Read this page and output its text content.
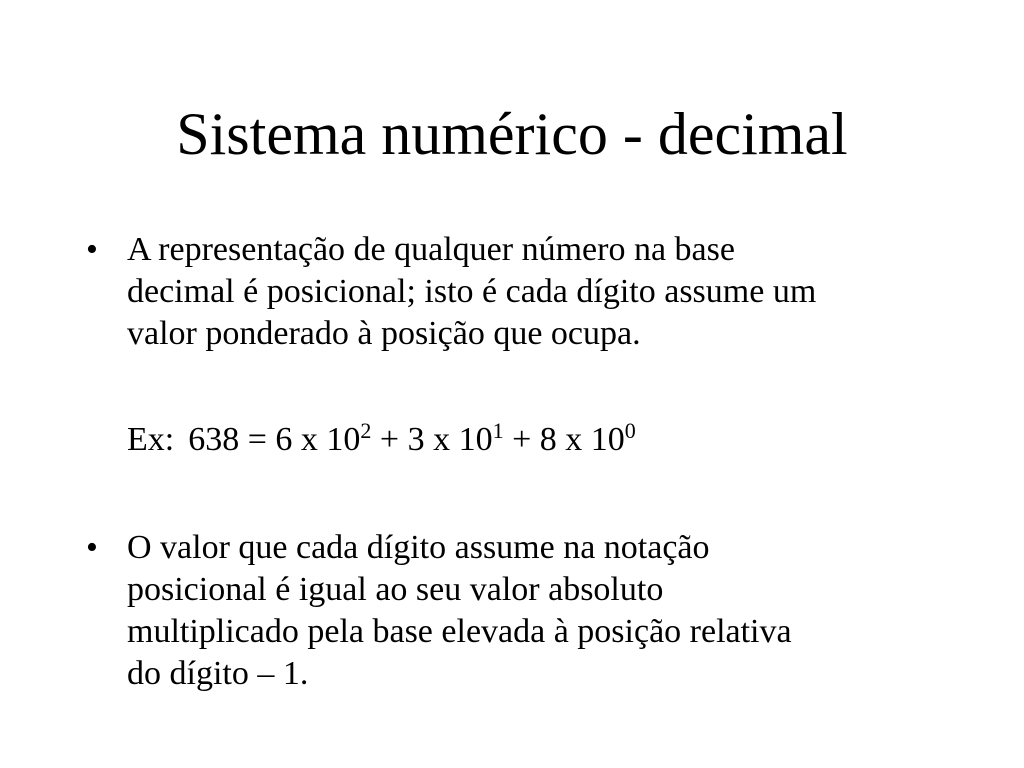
Sistema numérico - decimal
• A representação de qualquer número na base
decimal é posicional; isto é cada dígito assume um
valor ponderado à posição que ocupa.
Ex: 638 = 6 x $10^2 + 3$ x $10^1 + 8$ x $10^0$
• O valor que cada dígito assume na notação
posicional é igual ao seu valor absoluto
multiplicado pela base elevada à posição relativa
do dígito – 1.
